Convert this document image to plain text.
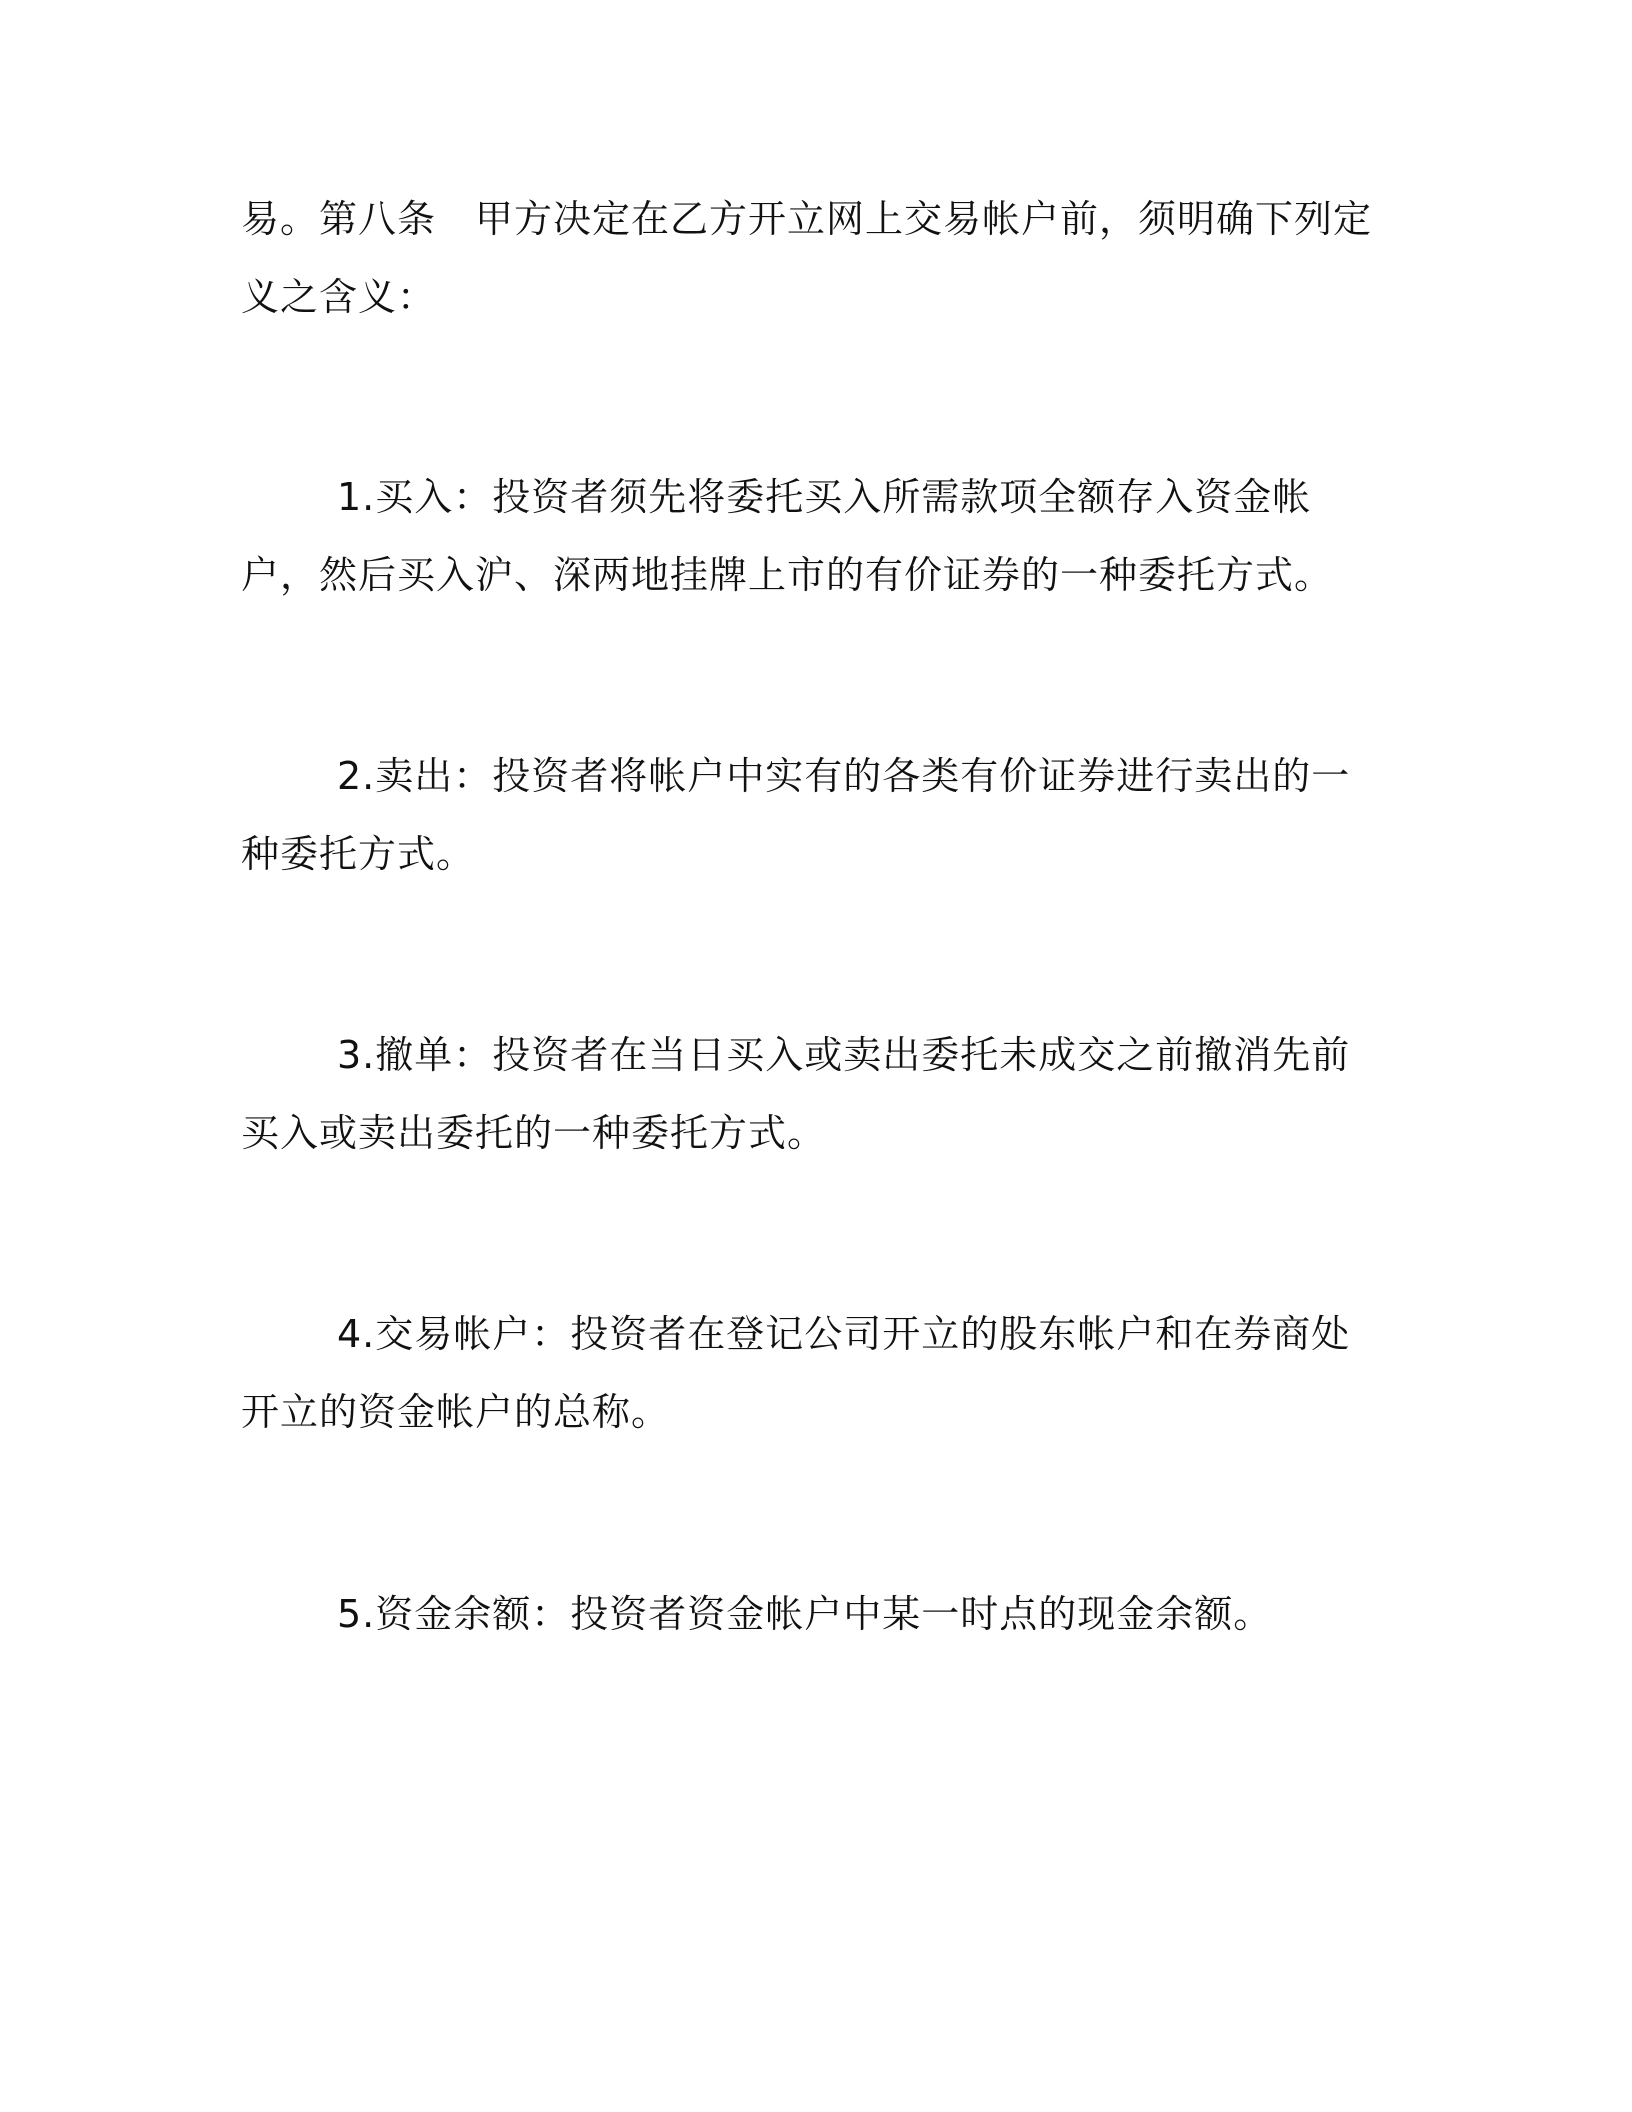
易。第八条　甲方决定在乙方开立网上交易帐户前，须明确下列定义之含义：

1.买入：投资者须先将委托买入所需款项全额存入资金帐户，然后买入沪、深两地挂牌上市的有价证券的一种委托方式。

2.卖出：投资者将帐户中实有的各类有价证券进行卖出的一种委托方式。

3.撤单：投资者在当日买入或卖出委托未成交之前撤消先前买入或卖出委托的一种委托方式。

4.交易帐户：投资者在登记公司开立的股东帐户和在券商处开立的资金帐户的总称。

5.资金余额：投资者资金帐户中某一时点的现金余额。
